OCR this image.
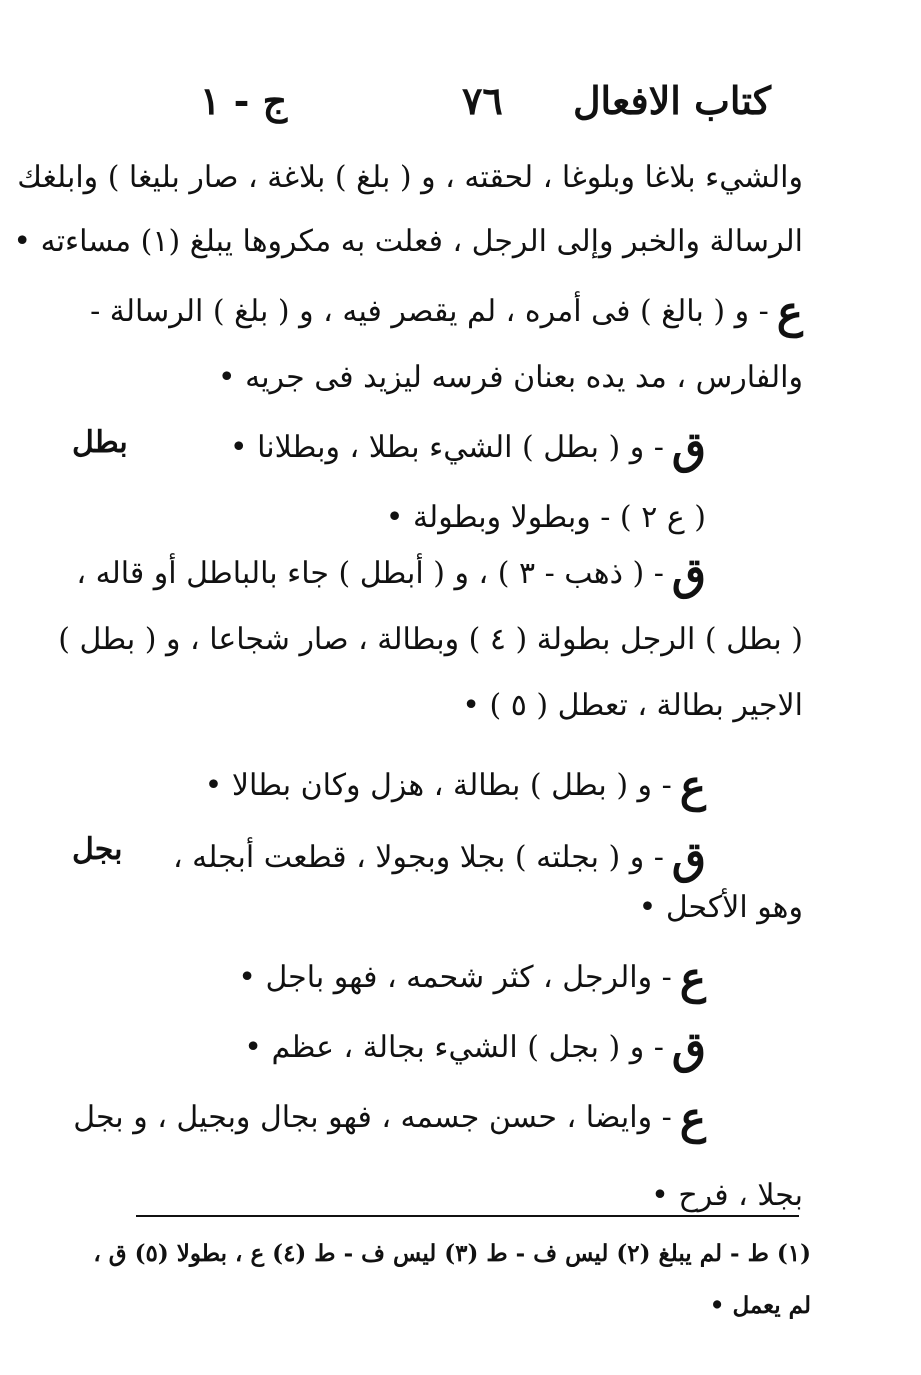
كتاب الافعال
٧٦
ج - ١
بطل
بجل
والشيء بلاغا وبلوغا ، لحقته ، و ( بلغ ) بلاغة ، صار بليغا ) وابلغك
الرسالة والخبر وإلى الرجل ، فعلت به مكروها يبلغ (١) مساءته •
ع- و ( بالغ ) فى أمره ، لم يقصر فيه ، و ( بلغ ) الرسالة -
والفارس ، مد يده بعنان فرسه ليزيد فى جريه •
ق- و ( بطل ) الشيء بطلا ، وبطلانا •
( ع ٢ ) - وبطولا وبطولة •
ق- ( ذهب - ٣ ) ، و ( أبطل ) جاء بالباطل أو قاله ،
( بطل ) الرجل بطولة ( ٤ ) وبطالة ، صار شجاعا ، و ( بطل )
الاجير بطالة ، تعطل ( ٥ ) •
ع- و ( بطل ) بطالة ، هزل وكان بطالا •
ق- و ( بجلته ) بجلا وبجولا ، قطعت أبجله ،
وهو الأكحل •
ع- والرجل ، كثر شحمه ، فهو باجل •
ق- و ( بجل ) الشيء بجالة ، عظم •
ع- وايضا ، حسن جسمه ، فهو بجال وبجيل ، و بجل
بجلا ، فرح •
(١) ط - لم يبلغ (٢) ليس ف - ط (٣) ليس ف - ط (٤) ع ، بطولا (٥) ق ،
لم يعمل •
